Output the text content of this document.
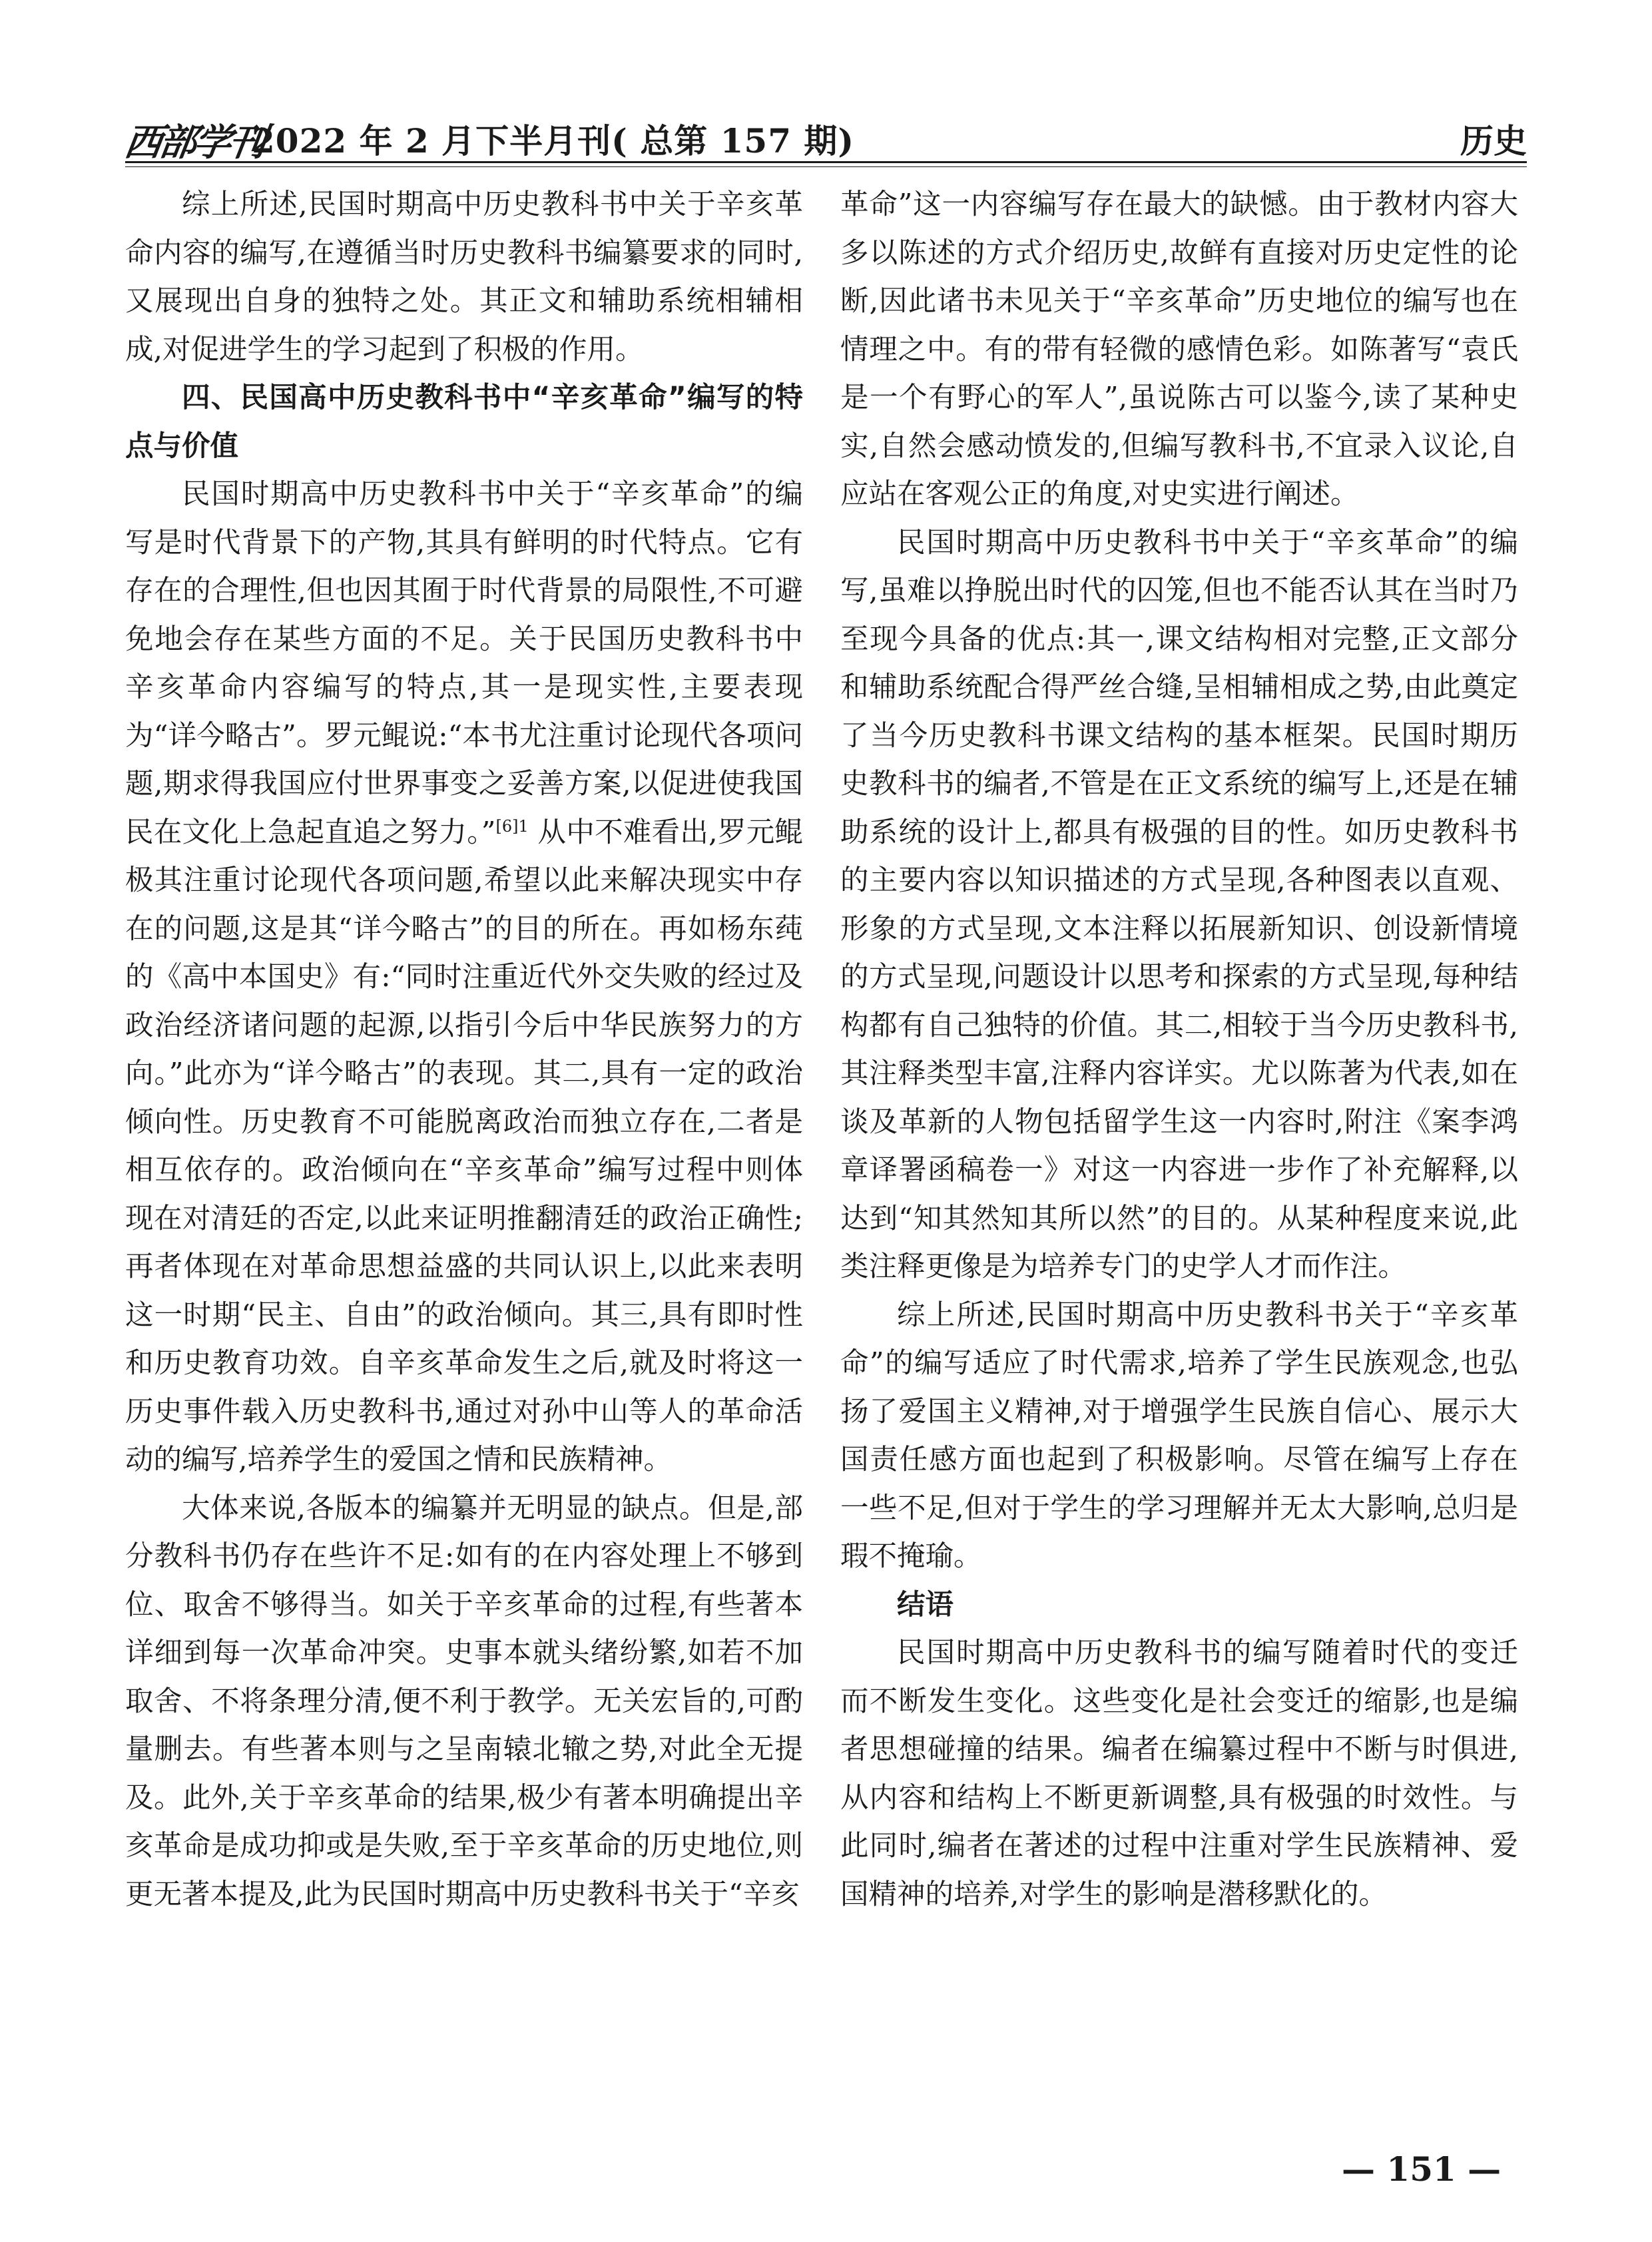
西部学刊
2022 年 2 月下半月刊( 总第 157 期)	历史

综上所述,民国时期高中历史教科书中关于辛亥革命内容的编写,在遵循当时历史教科书编纂要求的同时,又展现出自身的独特之处。其正文和辅助系统相辅相成,对促进学生的学习起到了积极的作用。

四、民国高中历史教科书中“辛亥革命”编写的特点与价值

民国时期高中历史教科书中关于“辛亥革命”的编写是时代背景下的产物,其具有鲜明的时代特点。它有存在的合理性,但也因其囿于时代背景的局限性,不可避免地会存在某些方面的不足。关于民国历史教科书中辛亥革命内容编写的特点,其一是现实性,主要表现为“详今略古”。罗元鲲说:“本书尤注重讨论现代各项问题,期求得我国应付世界事变之妥善方案,以促进使我国民在文化上急起直追之努力。”$^{[6]1}$ 从中不难看出,罗元鲲极其注重讨论现代各项问题,希望以此来解决现实中存在的问题,这是其“详今略古”的目的所在。再如杨东莼的《高中本国史》有:“同时注重近代外交失败的经过及政治经济诸问题的起源,以指引今后中华民族努力的方向。”此亦为“详今略古”的表现。其二,具有一定的政治倾向性。历史教育不可能脱离政治而独立存在,二者是相互依存的。政治倾向在“辛亥革命”编写过程中则体现在对清廷的否定,以此来证明推翻清廷的政治正确性;再者体现在对革命思想益盛的共同认识上,以此来表明这一时期“民主、自由”的政治倾向。其三,具有即时性和历史教育功效。自辛亥革命发生之后,就及时将这一历史事件载入历史教科书,通过对孙中山等人的革命活动的编写,培养学生的爱国之情和民族精神。

大体来说,各版本的编纂并无明显的缺点。但是,部分教科书仍存在些许不足:如有的在内容处理上不够到位、取舍不够得当。如关于辛亥革命的过程,有些著本详细到每一次革命冲突。史事本就头绪纷繁,如若不加取舍、不将条理分清,便不利于教学。无关宏旨的,可酌量删去。有些著本则与之呈南辕北辙之势,对此全无提及。此外,关于辛亥革命的结果,极少有著本明确提出辛亥革命是成功抑或是失败,至于辛亥革命的历史地位,则更无著本提及,此为民国时期高中历史教科书关于“辛亥

革命”这一内容编写存在最大的缺憾。由于教材内容大多以陈述的方式介绍历史,故鲜有直接对历史定性的论断,因此诸书未见关于“辛亥革命”历史地位的编写也在情理之中。有的带有轻微的感情色彩。如陈著写“袁氏是一个有野心的军人”,虽说陈古可以鉴今,读了某种史实,自然会感动愤发的,但编写教科书,不宜录入议论,自应站在客观公正的角度,对史实进行阐述。

民国时期高中历史教科书中关于“辛亥革命”的编写,虽难以挣脱出时代的囚笼,但也不能否认其在当时乃至现今具备的优点:其一,课文结构相对完整,正文部分和辅助系统配合得严丝合缝,呈相辅相成之势,由此奠定了当今历史教科书课文结构的基本框架。民国时期历史教科书的编者,不管是在正文系统的编写上,还是在辅助系统的设计上,都具有极强的目的性。如历史教科书的主要内容以知识描述的方式呈现,各种图表以直观、形象的方式呈现,文本注释以拓展新知识、创设新情境的方式呈现,问题设计以思考和探索的方式呈现,每种结构都有自己独特的价值。其二,相较于当今历史教科书,其注释类型丰富,注释内容详实。尤以陈著为代表,如在谈及革新的人物包括留学生这一内容时,附注《案李鸿章译署函稿卷一》对这一内容进一步作了补充解释,以达到“知其然知其所以然”的目的。从某种程度来说,此类注释更像是为培养专门的史学人才而作注。

综上所述,民国时期高中历史教科书关于“辛亥革命”的编写适应了时代需求,培养了学生民族观念,也弘扬了爱国主义精神,对于增强学生民族自信心、展示大国责任感方面也起到了积极影响。尽管在编写上存在一些不足,但对于学生的学习理解并无太大影响,总归是瑕不掩瑜。

结语

民国时期高中历史教科书的编写随着时代的变迁而不断发生变化。这些变化是社会变迁的缩影,也是编者思想碰撞的结果。编者在编纂过程中不断与时俱进,从内容和结构上不断更新调整,具有极强的时效性。与此同时,编者在著述的过程中注重对学生民族精神、爱国精神的培养,对学生的影响是潜移默化的。

— 151 —
